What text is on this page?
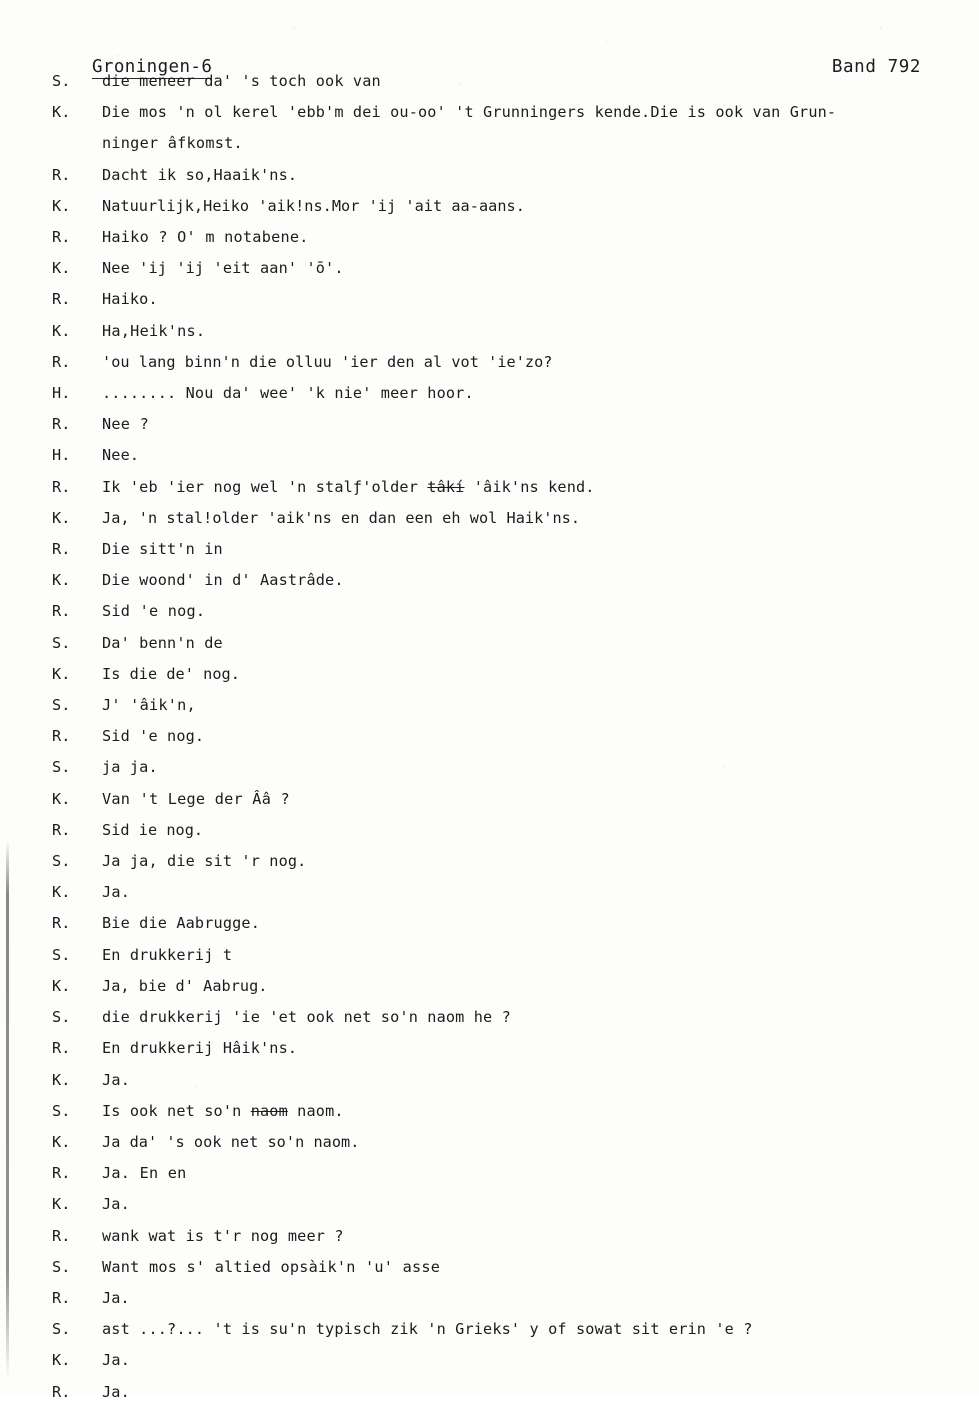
Groningen-6	Band 792
S.	die meneer da' 's toch ook van
K.	Die mos 'n ol kerel 'ebb'm dei ou-oo' 't Grunningers kende.Die is ook van Grun-
ninger âfkomst.
R.	Dacht ik so,Haaik'ns.
K.	Natuurlijk,Heiko 'aik!ns.Mor 'ij 'ait aa-aans.
R.	Haiko ? O' m notabene.
K.	Nee 'ij 'ij 'eit aan' 'ō'.
R.	Haiko.
K.	Ha,Heik'ns.
R.	'ou lang binn'n die olluu 'ier den al vot 'ie'zo?
H.	........ Nou da' wee' 'k nie' meer hoor.
R.	Nee ?
H.	Nee.
R.	Ik 'eb 'ier nog wel 'n stalƒ'older tâkí 'âik'ns kend.
K.	Ja, 'n stal!older 'aik'ns en dan een eh wol Haik'ns.
R.	Die sitt'n in
K.	Die woond' in d' Aastrâde.
R.	Sid 'e nog.
S.	Da' benn'n de
K.	Is die de' nog.
S.	J' 'âik'n,
R.	Sid 'e nog.
S.	ja ja.
K.	Van 't Lege der Ââ ?
R.	Sid ie nog.
S.	Ja ja, die sit 'r nog.
K.	Ja.
R.	Bie die Aabrugge.
S.	En drukkerij t
K.	Ja, bie d' Aabrug.
S.	die drukkerij 'ie 'et ook net so'n naom he ?
R.	En drukkerij Hâik'ns.
K.	Ja.
S.	Is ook net so'n naom naom.
K.	Ja da' 's ook net so'n naom.
R.	Ja. En en
K.	Ja.
R.	wank wat is t'r nog meer ?
S.	Want mos s' altied opsàik'n 'u' asse
R.	Ja.
S.	ast ...?... 't is su'n typisch zik 'n Grieks' y of sowat sit erin 'e ?
K.	Ja.
R.	Ja.
